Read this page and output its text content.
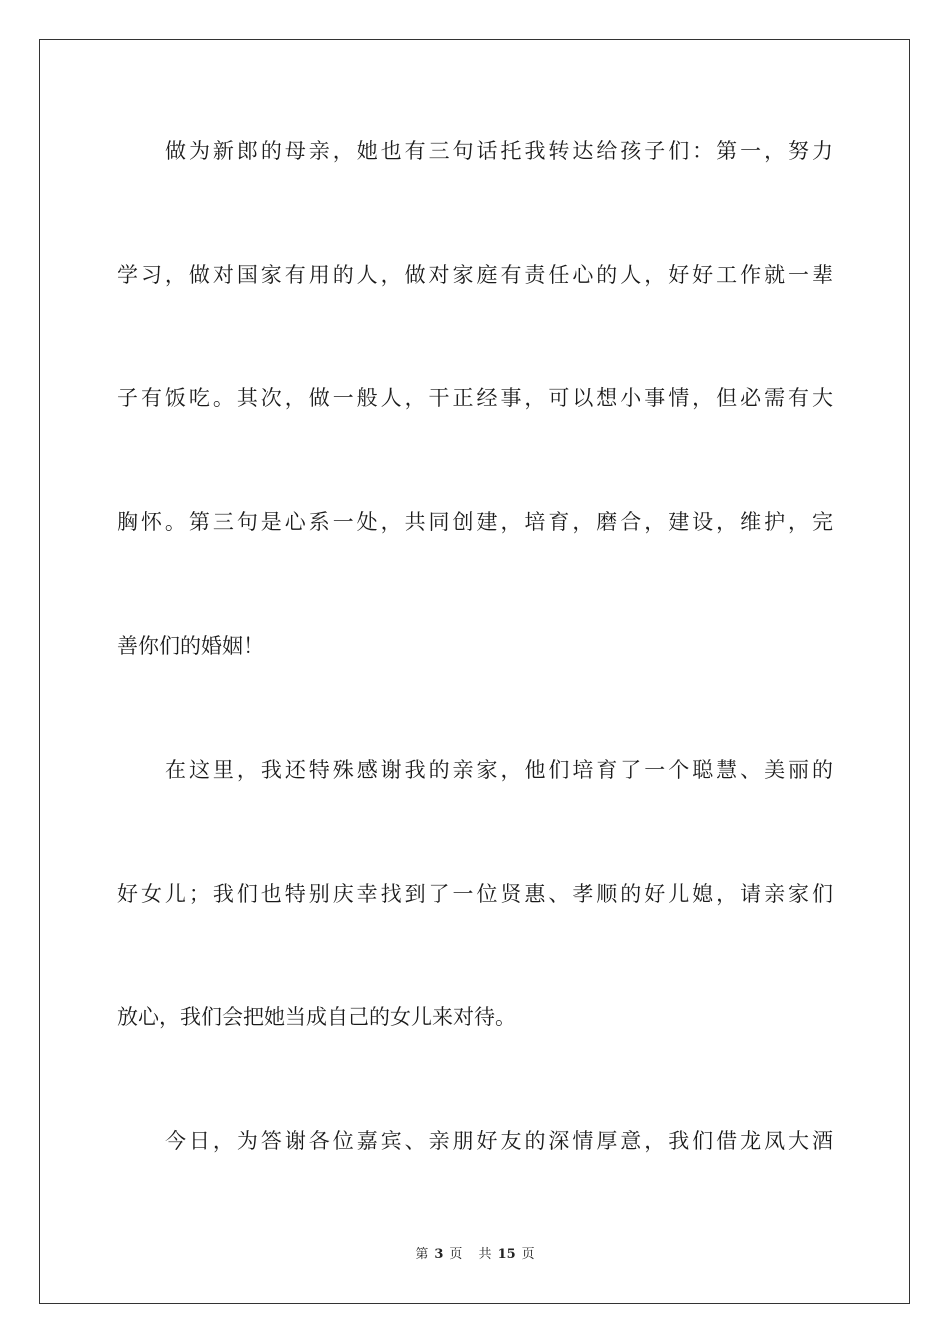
做为新郎的母亲，她也有三句话托我转达给孩子们：第一，努力
学习，做对国家有用的人，做对家庭有责任心的人，好好工作就一辈
子有饭吃。其次，做一般人，干正经事，可以想小事情，但必需有大
胸怀。第三句是心系一处，共同创建，培育，磨合，建设，维护，完
善你们的婚姻！
在这里，我还特殊感谢我的亲家，他们培育了一个聪慧、美丽的
好女儿；我们也特别庆幸找到了一位贤惠、孝顺的好儿媳，请亲家们
放心，我们会把她当成自己的女儿来对待。
今日，为答谢各位嘉宾、亲朋好友的深情厚意，我们借龙凤大酒
第 3 页 共 15 页
